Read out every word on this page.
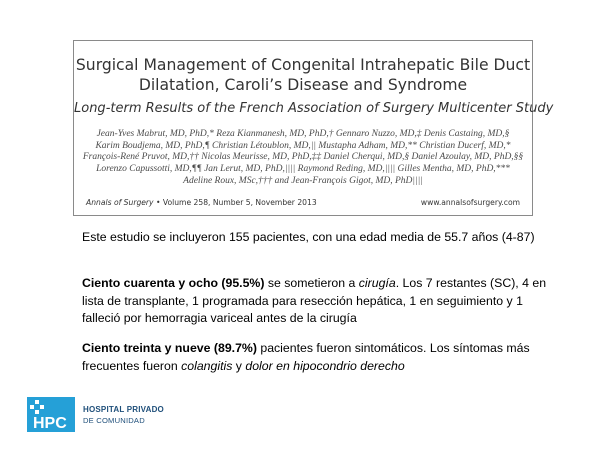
Surgical Management of Congenital Intrahepatic Bile Duct
Dilatation, Caroli’s Disease and Syndrome
Long-term Results of the French Association of Surgery Multicenter Study
Jean-Yves Mabrut, MD, PhD,* Reza Kianmanesh, MD, PhD,† Gennaro Nuzzo, MD,‡ Denis Castaing, MD,§
Karim Boudjema, MD, PhD,¶ Christian Létoublon, MD,|| Mustapha Adham, MD,** Christian Ducerf, MD,*
François-René Pruvot, MD,†† Nicolas Meurisse, MD, PhD,‡‡ Daniel Cherqui, MD,§ Daniel Azoulay, MD, PhD,§§
Lorenzo Capussotti, MD,¶¶ Jan Lerut, MD, PhD,|||| Raymond Reding, MD,|||| Gilles Mentha, MD, PhD,***
Adeline Roux, MSc,††† and Jean-François Gigot, MD, PhD||||
Annals of Surgery • Volume 258, Number 5, November 2013	www.annalsofsurgery.com

Este estudio se incluyeron 155 pacientes, con una edad media de 55.7 años (4-87)

Ciento cuarenta y ocho (95.5%) se sometieron a cirugía. Los 7 restantes (SC), 4 en lista de transplante, 1 programada para resección hepática, 1 en seguimiento y 1 falleció por hemorragia variceal antes de la cirugía

Ciento treinta y nueve (89.7%) pacientes fueron sintomáticos. Los síntomas más frecuentes fueron colangitis y dolor en hipocondrio derecho

HPC
HOSPITAL PRIVADO
DE COMUNIDAD
